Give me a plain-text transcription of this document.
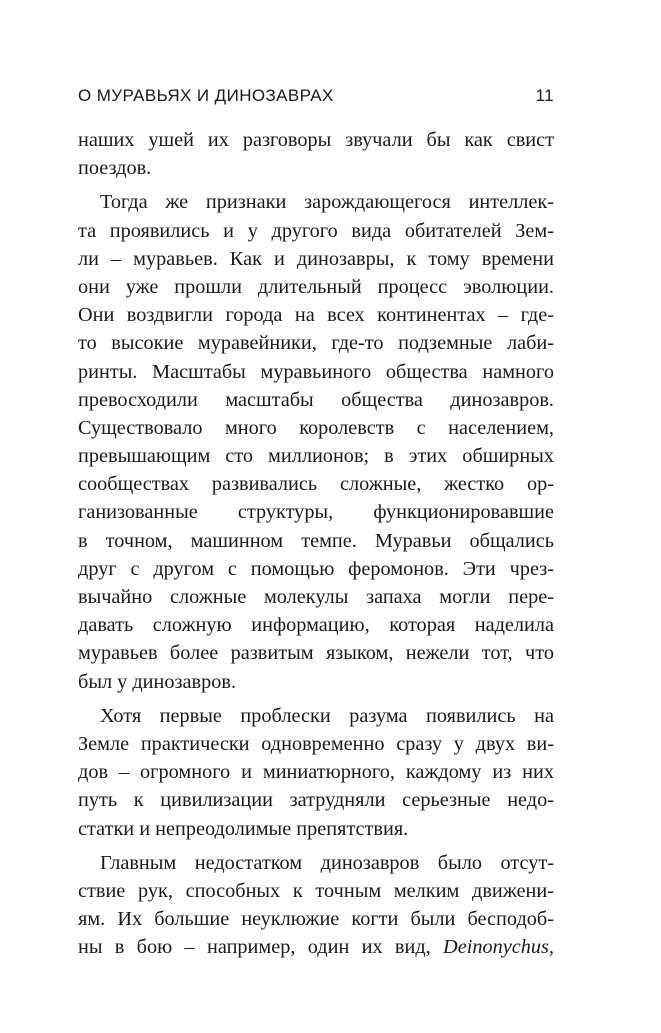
О МУРАВЬЯХ И ДИНОЗАВРАХ	11
наших ушей их разговоры звучали бы как свист
поездов.
Тогда же признаки зарождающегося интеллек-
та проявились и у другого вида обитателей Зем-
ли – муравьев. Как и динозавры, к тому времени
они уже прошли длительный процесс эволюции.
Они воздвигли города на всех континентах – где-
то высокие муравейники, где-то подземные лаби-
ринты. Масштабы муравьиного общества намного
превосходили масштабы общества динозавров.
Существовало много королевств с населением,
превышающим сто миллионов; в этих обширных
сообществах развивались сложные, жестко ор-
ганизованные структуры, функционировавшие
в точном, машинном темпе. Муравьи общались
друг с другом с помощью феромонов. Эти чрез-
вычайно сложные молекулы запаха могли пере-
давать сложную информацию, которая наделила
муравьев более развитым языком, нежели тот, что
был у динозавров.
Хотя первые проблески разума появились на
Земле практически одновременно сразу у двух ви-
дов – огромного и миниатюрного, каждому из них
путь к цивилизации затрудняли серьезные недо-
статки и непреодолимые препятствия.
Главным недостатком динозавров было отсут-
ствие рук, способных к точным мелким движени-
ям. Их большие неуклюжие когти были бесподоб-
ны в бою – например, один их вид, Deinonychus,
